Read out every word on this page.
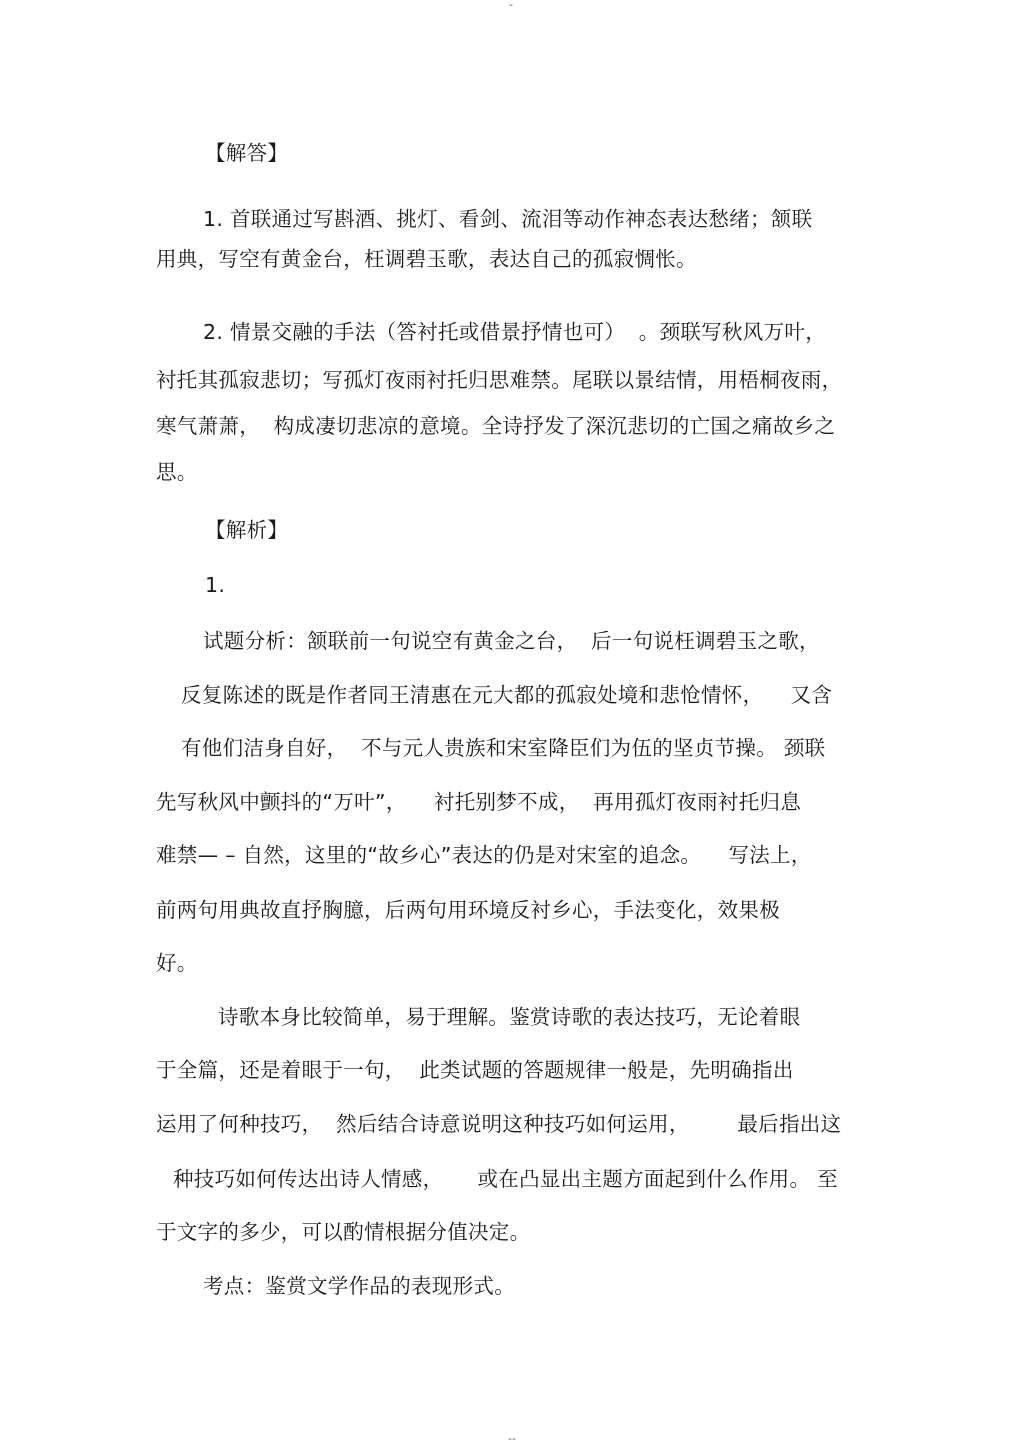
-
【解答】
1. 首联通过写斟酒、挑灯、看剑、流泪等动作神态表达愁绪；颔联
用典，写空有黄金台，枉调碧玉歌，表达自己的孤寂惆怅。
2. 情景交融的手法（答衬托或借景抒情也可）  。颈联写秋风万叶，
衬托其孤寂悲切；写孤灯夜雨衬托归思难禁。尾联以景结情，用梧桐夜雨，
寒气萧萧，  构成凄切悲凉的意境。全诗抒发了深沉悲切的亡国之痛故乡之
思。
【解析】
1.
试题分析：颔联前一句说空有黄金之台，  后一句说枉调碧玉之歌，
反复陈述的既是作者同王清惠在元大都的孤寂处境和悲怆情怀，    又含
有他们洁身自好，  不与元人贵族和宋室降臣们为伍的坚贞节操。 颈联
先写秋风中颤抖的“万叶”，    衬托别梦不成，  再用孤灯夜雨衬托归息
难禁— – 自然，这里的“故乡心”表达的仍是对宋室的追念。    写法上，
前两句用典故直抒胸臆，后两句用环境反衬乡心，手法变化，效果极
好。
诗歌本身比较简单，易于理解。鉴赏诗歌的表达技巧，无论着眼
于全篇，还是着眼于一句，  此类试题的答题规律一般是，先明确指出
运用了何种技巧，  然后结合诗意说明这种技巧如何运用，       最后指出这
种技巧如何传达出诗人情感，     或在凸显出主题方面起到什么作用。 至
于文字的多少，可以酌情根据分值决定。
考点：鉴赏文学作品的表现形式。
--
